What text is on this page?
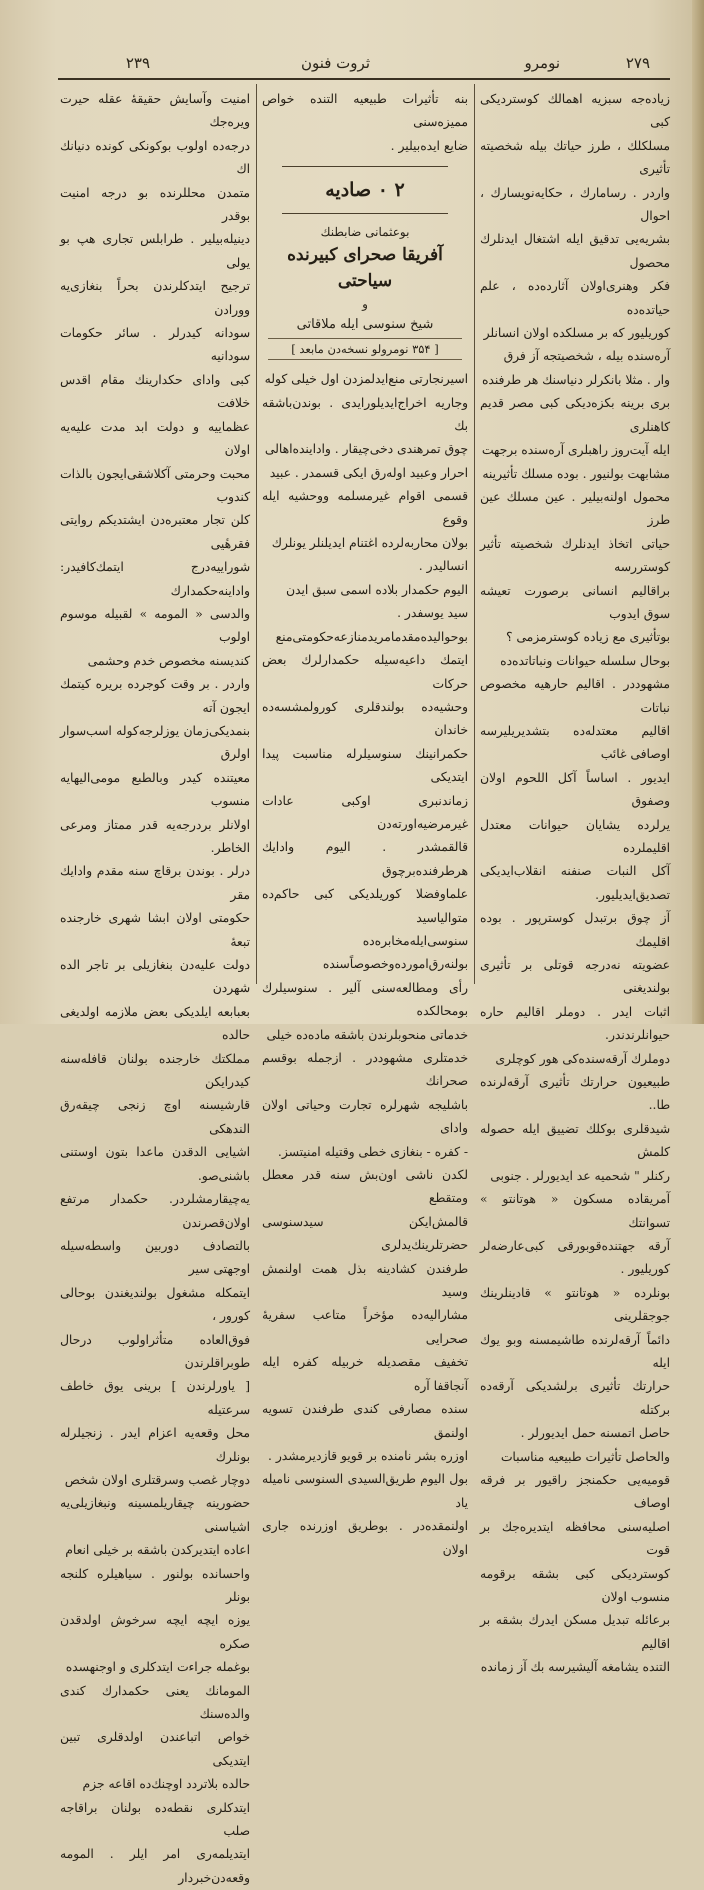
۲۷۹
نومرو
ثروت فنون
۲۳۹

زیاده‌جه سبزیه اهمالك کوستردیکی کبی

مسلکلك ، طرز حیاتك بیله شخصیته تأثیری

واردر . رسامارك ، حکایه‌نویسارك ، احوال

بشریه‌یی تدقیق ایله اشتغال ایدنلرك محصول

فکر وهنری‌اولان آثارده‌ده ، علم حیاتده‌ده

کوریلیور که بر مسلکده اولان انسانلر

آره‌سنده بیله ، شخصیتجه آز فرق

وار . مثلا بانکرلر دنیاسنك هر طرفنده

بری برینه بکزه‌دیکی کبی مصر قدیم کاهنلری

ایله آیت‌روز راهبلری آره‌سنده برجهت

مشابهت بولنیور . بوده مسلك تأثیرینه

محمول اولنه‌بیلیر . عین مسلك عین طرز

حیاتی اتخاذ ایدنلرك شخصیته تأثیر کوستررسه

براقالیم انسانی برصورت تعیشه سوق ایدوب

بوتأثیری مع زیاده کوسترمزمی ؟

بوحال سلسله حیوانات ونباتاتده‌ده

مشهوددر . اقالیم حارهیه مخصوص نباتات

اقالیم معتدله‌ده بتشدیریلیرسه اوصافی غائب

ایدیور . اساساً آکل اللحوم اولان وصفوق

یرلرده یشایان حیوانات معتدل اقلیملرده

آکل النبات صنفنه انقلاب‌ایدیکی تصدیق‌ایدیلیور.

آز چوق برتبدل کوسترپور . بوده اقلیمك

عضویته نه‌درجه قوتلی بر تأثیری بولندیغنی

اثبات ایدر . دوملر اقالیم حاره حیوانلرندندر.

دوملرك آرقه‌سنده‌کی هور کوچلری

طبیعیون حرارتك تأثیری آرقه‌لرنده طا..

شیدقلری بوکلك تضییق ایله حصوله کلمش

رکنلر " شحمیه عد ایدیورلر . جنوبی

آمریقاده مسکون « هوتانتو » تسوانتك

آرقه جهتنده‌قوبورقی کبی‌عارضه‌لر کوریلیور .

بونلرده « هوتانتو » قادینلرینك جوجقلرینی

دائماً آرقه‌لرنده طاشیمسنه وبو یوك ایله

حرارتك تأثیری برلشدیکی آرقه‌ده برکتله

حاصل اتمسنه حمل ایدیورلر .

والحاصل تأثیرات طبیعیه مناسبات

قومیه‌یی حکمنجز راقیور بر فرقه اوصاف

اصلیه‌سنی محافظه ایتدیره‌جك بر قوت

کوستردیکی کبی بشقه برقومه منسوب اولان

برعائله تبدیل مسکن ایدرك بشقه بر اقالیم

التنده یشامغه آلیشیرسه بك آز زمانده

بنه تأثیرات طبیعیه التنده خواص ممیزه‌سنی

ضایع ایده‌بیلیر .

۲ ۰ صادیه
بوعثمانی ضابطنك
آفریقا صحرای کبیرنده سیاحتی
و
شیخ سنوسی ایله ملاقاتی
[ ۳۵۴ نومرولو نسخه‌دن‌ مابعد ]

اسیرنجارتی منع‌ایدلمزدن اول خیلی کوله

وجاریه اخراج‌ایدیلورایدی . بوندن‌باشقه بك

چوق تمرهندی دخی‌چیقار . واداینده‌اهالی

احرار وعبید اوله‌رق ایکی قسمدر . عبید

قسمی اقوام غیرمسلمه ووحشیه ایله وقوع

بولان محاربه‌لرده اغتنام ایدیلنلر یونلرك

انسالیدر .

الیوم حکمدار بلاده اسمی سبق ایدن

سید یوسفدر .

بوحوالیده‌مقدما‌مریدمنازعه‌حکومتی‌منع

ایتمك داعیه‌سیله حکمدارلرك بعض حرکات

وحشیه‌ده بولندقلری کورولمشسه‌ده خاندان

حکمرانینك سنوسیلرله مناسبت پیدا ایتدیکی

زماندنبری اوکبی عادات غیرمرضیه‌اورته‌دن

قالقمشدر . الیوم وادایك هرطرفنده‌برچوق

علما‌وفضلا کوریلدیکی کبی حاکم‌ده متوالیاسید

سنوسی‌ایله‌مخابره‌ده بولنه‌رق‌امورده‌وخصوصاً‌سنده

رأی ومطالعه‌سنی آلیر . سنوسیلرك بومحالکده

خدماتی منحوبلرندن باشقه ماده‌ده خیلی

خدمتلری مشهوددر . ازجمله بوقسم صحرانك

باشلیجه شهرلره تجارت وحیاتی اولان وادای

- کفره - بنغازی خطی وقتیله امنیتسز.

لکدن ناشی اون‌بش سنه قدر معطل ومتقطع

قالمش‌ایکن سیدسنوسی حضرتلرینك‌یدلری

طرفندن کشادینه بذل همت اولنمش وسید

مشارالیه‌ده مؤخراً متاعب سفریه‌ٔ صحرایی

تخفیف مقصدیله خربیله کفره ایله آنجاقفا آره‌

سنده مصارفی کندی طرفندن تسویه اولنمق

اوزره بشر نامنده بر قویو قازدیرمشدر .

بول الیوم طریق‌السیدی السنوسی نامیله یاد

اولنمقده‌در . بوطریق اوزرنده جاری اولان

امنیت وآسایش حقیقهٔ عقله حیرت ویره‌جك

درجه‌ده اولوب بوکونکی کونده دنیانك اك

متمدن محللرنده بو درجه امنیت بوقدر

دینیله‌بیلیر . طرابلس تجاری هپ بو یولی

ترجیح ایتدکلرندن بحراً بنغازی‌یه وورادن

سودانه کیدرلر . سائر حکومات سودانیه

کبی وادای حکدارینك مقام اقدس خلافت

عظماییه و دولت ابد مدت علیه‌یه اولان

محبت وحرمتی آکلاشقی‌ایجون بالذات کندوب

کلن تجار معتبره‌دن ایشتدیکم روایتی فقرهٔیی

شوراییه‌درج ایتمك‌کافیدر: واداینه‌حکمدارك

والدسی « المومه » لقبیله موسوم اولوب

کندیسنه مخصوص خدم وحشمی

واردر . بر وقت کوجرده بریره کیتمك ایجون آته

بنمدیکی‌زمان یوزلرجه‌کوله اسب‌سوار اولرق

معیتنده کیدر وبالطبع مومی‌الیهایه منسوب

اولانلر بردرجه‌یه قدر ممتاز ومرعی الخاطر.

درلر . بوندن برقاچ سنه مقدم وادایك مقر

حکومتی اولان ابشا شهری خارجنده تبعهٔ

دولت علیه‌دن بنغازیلی بر تاجر الده شهردن

بعبابعه ایلدیکی بعض ملازمه اولدیغی حالده

مملکتك خارجنده بولنان قافله‌سنه کیدرایکن

قارشیسنه اوچ زنجی چیقه‌رق الندهکی

اشیایی الدقدن ماعدا بتون اوستنی باشنی‌صو.

یه‌چیقارمشلردر. حکمدار مرتفع اولان‌قصرندن

بالتصادف دوربین واسطه‌سیله اوجهتی سیر

ایتمکله مشغول بولندیغندن بوحالی کورور ،

فوق‌العاده متأثراولوب درحال طوبراقلرندن

[ یاورلرندن ] برینی یوق خاطف سرعتیله

محل وقعه‌یه اعزام ایدر . زنجیلرله بونلرك

دوچار غصب وسرقتلری اولان شخص

حضورینه چیقاریلمسینه ونبغازیلی‌یه اشیاسنی

اعاده ایتدیرکدن باشقه بر خیلی انعام

واحسانده بولنور . سیاهیلره کلنجه بونلر

یوزه ایچه ایچه سرخوش اولدقدن صکره

بوغمله جراءت ایتدکلری و اوجنهسده

المومانك یعنی حکمدارك کندی والده‌سنك

خواص اتباعندن اولدقلری تبین ایتدیکی

حالده بلاتردد اوچنك‌ده اقاعه جزم

ایتدکلری نقطه‌ده بولنان براقاجه صلب

ایتدیلمه‌ری امر ایلر . المومه وقعه‌دن‌خبردار
